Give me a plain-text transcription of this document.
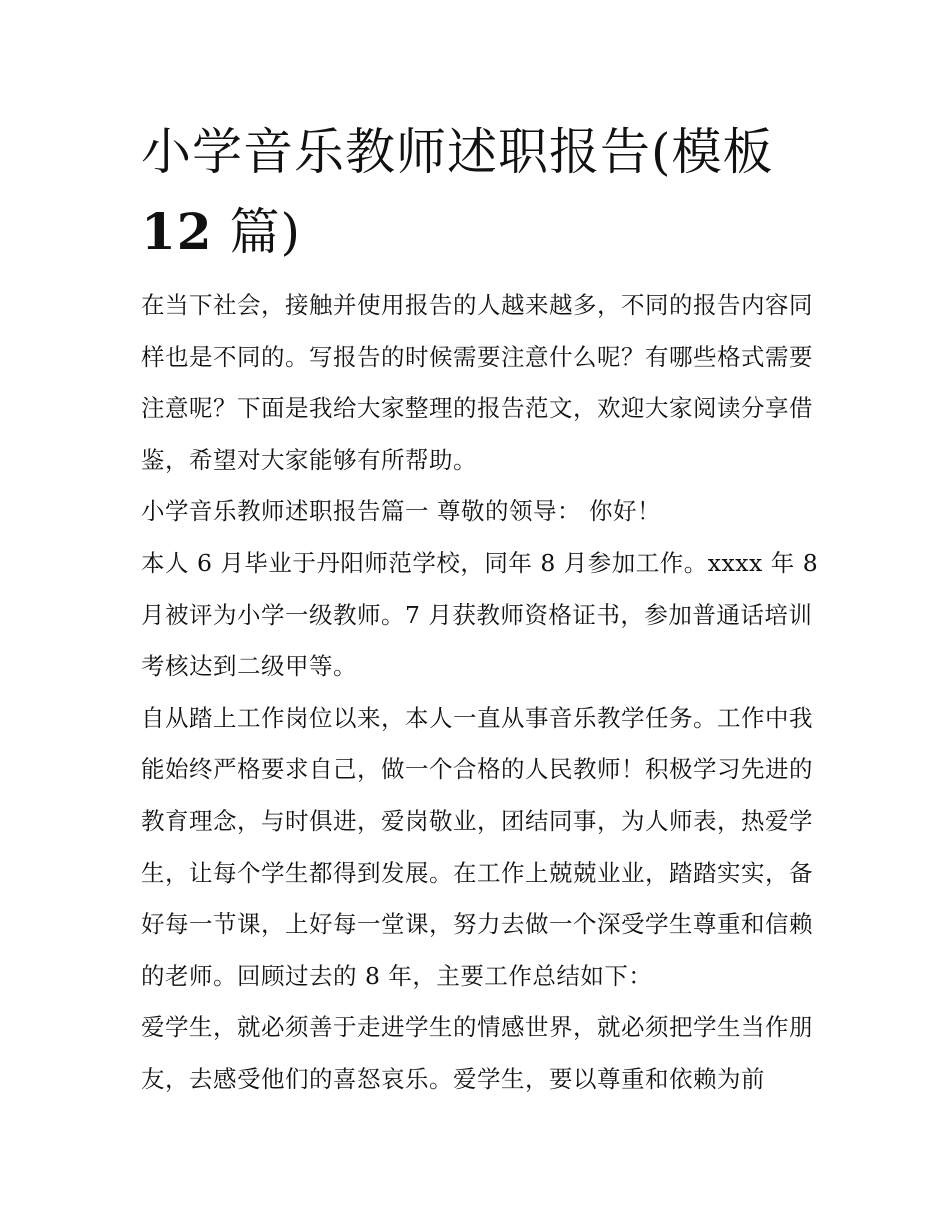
小学音乐教师述职报告(模板
12 篇)

在当下社会，接触并使用报告的人越来越多，不同的报告内容同样也是不同的。写报告的时候需要注意什么呢？有哪些格式需要注意呢？下面是我给大家整理的报告范文，欢迎大家阅读分享借鉴，希望对大家能够有所帮助。

小学音乐教师述职报告篇一 尊敬的领导： 你好！

本人 6 月毕业于丹阳师范学校，同年 8 月参加工作。xxxx 年 8 月被评为小学一级教师。7 月获教师资格证书，参加普通话培训考核达到二级甲等。

自从踏上工作岗位以来，本人一直从事音乐教学任务。工作中我能始终严格要求自己，做一个合格的人民教师！积极学习先进的教育理念，与时俱进，爱岗敬业，团结同事，为人师表，热爱学生，让每个学生都得到发展。在工作上兢兢业业，踏踏实实，备好每一节课，上好每一堂课，努力去做一个深受学生尊重和信赖的老师。回顾过去的 8 年，主要工作总结如下：

爱学生，就必须善于走进学生的情感世界，就必须把学生当作朋友，去感受他们的喜怒哀乐。爱学生，要以尊重和依赖为前
